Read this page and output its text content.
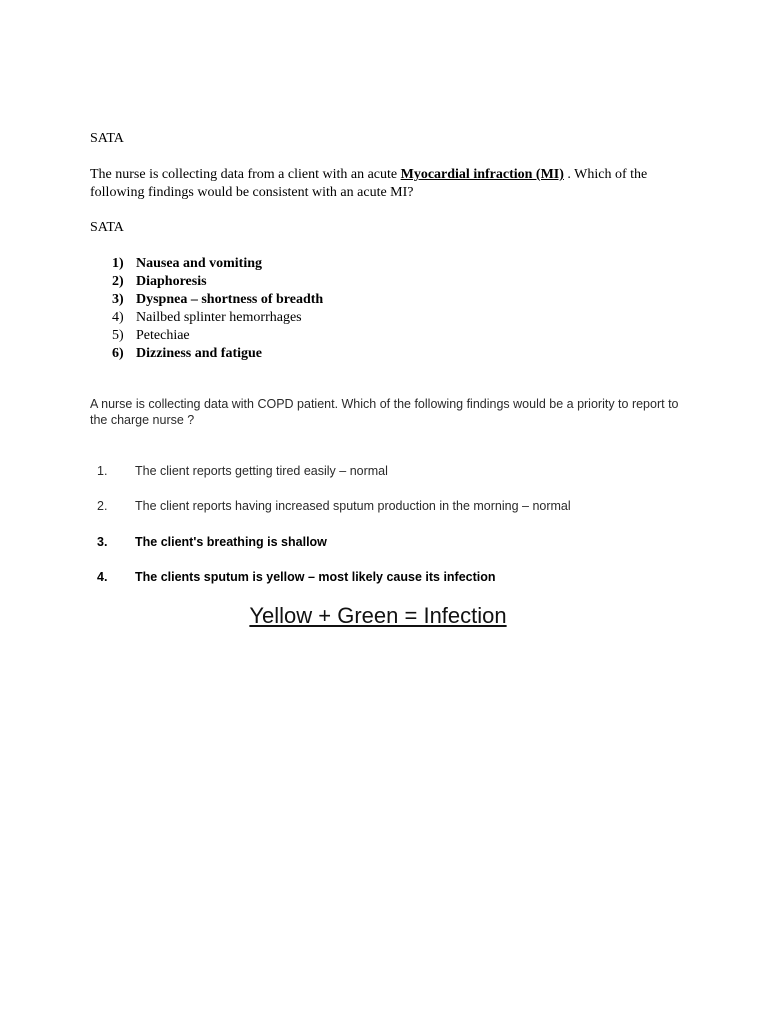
SATA
The nurse is collecting data from a client with an acute Myocardial infraction (MI) . Which of the following findings would be consistent with an acute MI?
SATA
1) Nausea and vomiting
2) Diaphoresis
3) Dyspnea – shortness of breadth
4) Nailbed splinter hemorrhages
5) Petechiae
6) Dizziness and fatigue
A nurse is collecting data with COPD patient. Which of the following findings would be a priority to report to the charge nurse ?
1. The client reports getting tired easily – normal
2. The client reports having increased sputum production in the morning – normal
3. The client's breathing is shallow
4. The clients sputum is yellow – most likely cause its infection
Yellow + Green = Infection
